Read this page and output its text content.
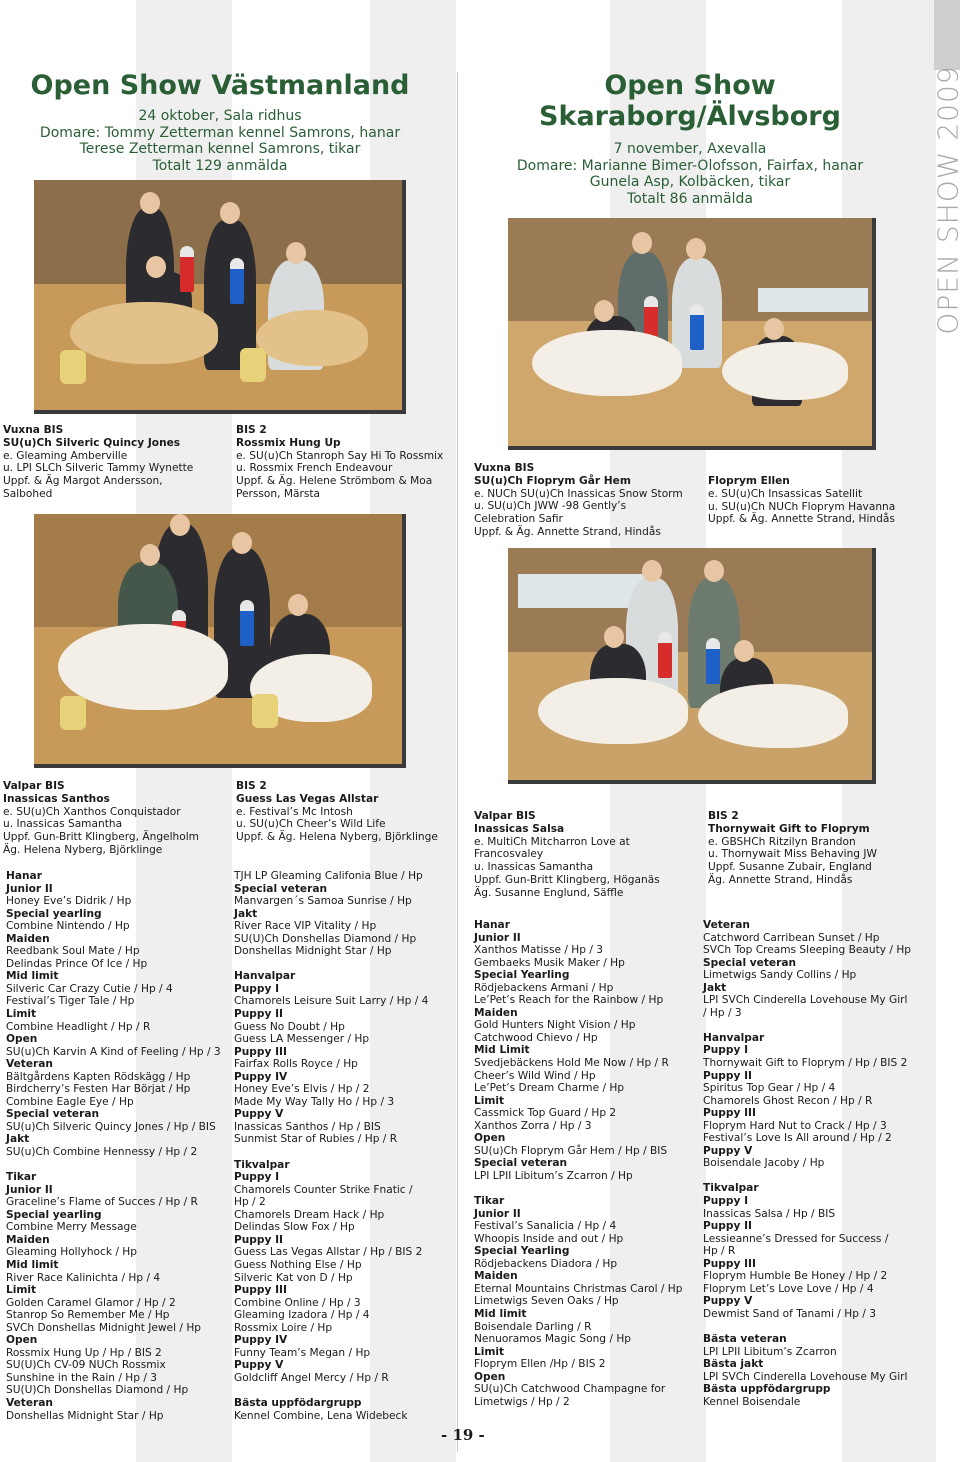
OPEN SHOW 2009
Open Show Västmanland
24 oktober, Sala ridhus
Domare: Tommy Zetterman kennel Samrons, hanar
Terese Zetterman kennel Samrons, tikar
Totalt 129 anmälda
Open Show
Skaraborg/Älvsborg
7 november, Axevalla
Domare: Marianne Bimer-Olofsson, Fairfax, hanar
Gunela Asp, Kolbäcken, tikar
Totalt 86 anmälda
Vuxna BIS
SU(u)Ch Silveric Quincy Jones
e. Gleaming Amberville
u. LPI SLCh Silveric Tammy Wynette
Uppf. & Äg Margot Andersson,
Salbohed
BIS 2
Rossmix Hung Up
e. SU(u)Ch Stanroph Say Hi To Rossmix
u. Rossmix French Endeavour
Uppf. & Äg. Helene Strömbom & Moa
Persson, Märsta
Vuxna BIS
SU(u)Ch Floprym Går Hem
e. NUCh SU(u)Ch Inassicas Snow Storm
u. SU(u)Ch JWW -98 Gently’s
Celebration Safir
Uppf. & Äg. Annette Strand, Hindås
Floprym Ellen
e. SU(u)Ch Insassicas Satellit
u. SU(u)Ch NUCh Floprym Havanna
Uppf. & Äg. Annette Strand, Hindås
Valpar BIS
Inassicas Santhos
e. SU(u)Ch Xanthos Conquistador
u. Inassicas Samantha
Uppf. Gun-Britt Klingberg, Ängelholm
Äg. Helena Nyberg, Björklinge
BIS 2
Guess Las Vegas Allstar
e. Festival’s Mc Intosh
u. SU(u)Ch Cheer’s Wild Life
Uppf. & Äg. Helena Nyberg, Björklinge
Valpar BIS
Inassicas Salsa
e. MultiCh Mitcharron Love at
Francosvaley
u. Inassicas Samantha
Uppf. Gun-Britt Klingberg, Höganäs
Äg. Susanne Englund, Säffle
BIS 2
Thornywait Gift to Floprym
e. GBSHCh Ritzilyn Brandon
u. Thornywait Miss Behaving JW
Uppf. Susanne Zubair, England
Äg. Annette Strand, Hindås
Hanar
Junior II
Honey Eve’s Didrik / Hp
Special yearling
Combine Nintendo / Hp
Maiden
Reedbank Soul Mate / Hp
Delindas Prince Of Ice / Hp
Mid limit
Silveric Car Crazy Cutie / Hp / 4
Festival’s Tiger Tale / Hp
Limit
Combine Headlight / Hp / R
Open
SU(u)Ch Karvin A Kind of Feeling / Hp / 3
Veteran
Bältgårdens Kapten Rödskägg / Hp
Birdcherry’s Festen Har Börjat / Hp
Combine Eagle Eye / Hp
Special veteran
SU(u)Ch Silveric Quincy Jones / Hp / BIS
Jakt
SU(u)Ch Combine Hennessy / Hp / 2
Tikar
Junior II
Graceline’s Flame of Succes / Hp / R
Special yearling
Combine Merry Message
Maiden
Gleaming Hollyhock / Hp
Mid limit
River Race Kalinichta / Hp / 4
Limit
Golden Caramel Glamor / Hp / 2
Stanrop So Remember Me / Hp
SVCh Donshellas Midnight Jewel / Hp
Open
Rossmix Hung Up / Hp / BIS 2
SU(U)Ch CV-09 NUCh Rossmix
Sunshine in the Rain / Hp / 3
SU(U)Ch Donshellas Diamond / Hp
Veteran
Donshellas Midnight Star / Hp
TJH LP Gleaming Califonia Blue / Hp
Special veteran
Manvargen´s Samoa Sunrise / Hp
Jakt
River Race VIP Vitality / Hp
SU(U)Ch Donshellas Diamond / Hp
Donshellas Midnight Star / Hp
Hanvalpar
Puppy I
Chamorels Leisure Suit Larry / Hp / 4
Puppy II
Guess No Doubt / Hp
Guess LA Messenger / Hp
Puppy III
Fairfax Rolls Royce / Hp
Puppy IV
Honey Eve’s Elvis / Hp / 2
Made My Way Tally Ho / Hp / 3
Puppy V
Inassicas Santhos / Hp / BIS
Sunmist Star of Rubies / Hp / R
Tikvalpar
Puppy I
Chamorels Counter Strike Fnatic /
Hp / 2
Chamorels Dream Hack / Hp
Delindas Slow Fox / Hp
Puppy II
Guess Las Vegas Allstar / Hp / BIS 2
Guess Nothing Else / Hp
Silveric Kat von D / Hp
Puppy III
Combine Online / Hp / 3
Gleaming Izadora / Hp / 4
Rossmix Loire / Hp
Puppy IV
Funny Team’s Megan / Hp
Puppy V
Goldcliff Angel Mercy / Hp / R
Bästa uppfödargrupp
Kennel Combine, Lena Widebeck
Hanar
Junior II
Xanthos Matisse / Hp / 3
Gembaeks Musik Maker / Hp
Special Yearling
Rödjebackens Armani / Hp
Le’Pet’s Reach for the Rainbow / Hp
Maiden
Gold Hunters Night Vision / Hp
Catchwood Chievo / Hp
Mid Limit
Svedjebäckens Hold Me Now / Hp / R
Cheer’s Wild Wind / Hp
Le’Pet’s Dream Charme / Hp
Limit
Cassmick Top Guard / Hp 2
Xanthos Zorra / Hp / 3
Open
SU(u)Ch Floprym Går Hem / Hp / BIS
Special veteran
LPI LPII Libitum’s Zcarron / Hp
Tikar
Junior II
Festival’s Sanalicia / Hp / 4
Whoopis Inside and out / Hp
Special Yearling
Rödjebackens Diadora / Hp
Maiden
Eternal Mountains Christmas Carol / Hp
Limetwigs Seven Oaks / Hp
Mid limit
Boisendale Darling / R
Nenuoramos Magic Song / Hp
Limit
Floprym Ellen /Hp / BIS 2
Open
SU(u)Ch Catchwood Champagne for
Limetwigs / Hp / 2
Veteran
Catchword Carribean Sunset / Hp
SVCh Top Creams Sleeping Beauty / Hp
Special veteran
Limetwigs Sandy Collins / Hp
Jakt
LPI SVCh Cinderella Lovehouse My Girl
/ Hp / 3
Hanvalpar
Puppy I
Thornywait Gift to Floprym / Hp / BIS 2
Puppy II
Spiritus Top Gear / Hp / 4
Chamorels Ghost Recon / Hp / R
Puppy III
Floprym Hard Nut to Crack / Hp / 3
Festival’s Love Is All around / Hp / 2
Puppy V
Boisendale Jacoby / Hp
Tikvalpar
Puppy I
Inassicas Salsa / Hp / BIS
Puppy II
Lessieanne’s Dressed for Success /
Hp / R
Puppy III
Floprym Humble Be Honey / Hp / 2
Floprym Let’s Love Love / Hp / 4
Puppy V
Dewmist Sand of Tanami / Hp / 3
Bästa veteran
LPI LPII Libitum’s Zcarron
Bästa jakt
LPI SVCh Cinderella Lovehouse My Girl
Bästa uppfödargrupp
Kennel Boisendale
- 19 -
